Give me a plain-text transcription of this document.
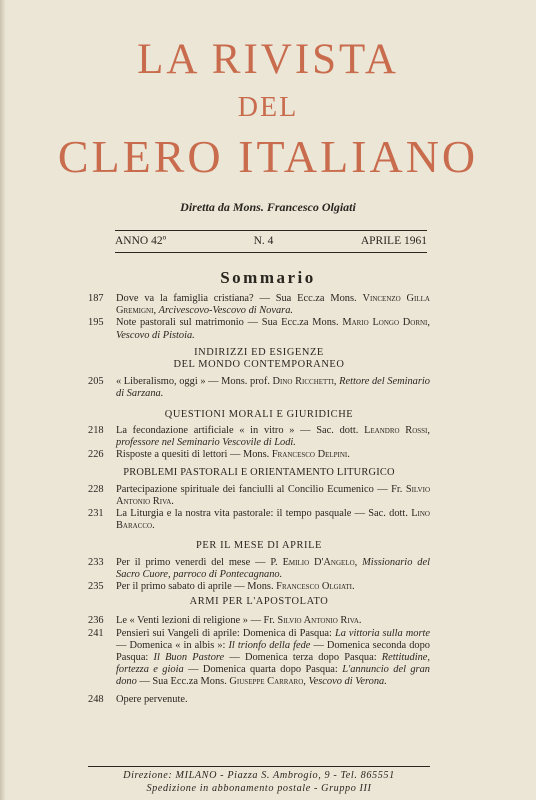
LA RIVISTA
DEL
CLERO ITALIANO
Diretta da Mons. Francesco Olgiati
ANNO 42º	N. 4	APRILE 1961
Sommario
187 Dove va la famiglia cristiana? — Sua Ecc.za Mons. Vincenzo Gilla Gremigni, Arcivescovo-Vescovo di Novara.
195 Note pastorali sul matrimonio — Sua Ecc.za Mons. Mario Longo Dorni, Vescovo di Pistoia.
INDIRIZZI ED ESIGENZE
DEL MONDO CONTEMPORANEO
205 « Liberalismo, oggi » — Mons. prof. Dino Ricchetti, Rettore del Seminario di Sarzana.
QUESTIONI MORALI E GIURIDICHE
218 La fecondazione artificiale « in vitro » — Sac. dott. Leandro Rossi, professore nel Seminario Vescovile di Lodi.
226 Risposte a quesiti di lettori — Mons. Francesco Delpini.
PROBLEMI PASTORALI E ORIENTAMENTO LITURGICO
228 Partecipazione spirituale dei fanciulli al Concilio Ecumenico — Fr. Silvio Antonio Riva.
231 La Liturgia e la nostra vita pastorale: il tempo pasquale — Sac. dott. Lino Baracco.
PER IL MESE DI APRILE
233 Per il primo venerdì del mese — P. Emilio D'Angelo, Missionario del Sacro Cuore, parroco di Pontecagnano.
235 Per il primo sabato di aprile — Mons. Francesco Olgiati.
ARMI PER L'APOSTOLATO
236 Le « Venti lezioni di religione » — Fr. Silvio Antonio Riva.
241 Pensieri sui Vangeli di aprile: Domenica di Pasqua: La vittoria sulla morte — Domenica « in albis »: Il trionfo della fede — Domenica seconda dopo Pasqua: Il Buon Pastore — Domenica terza dopo Pasqua: Rettitudine, fortezza e gioia — Domenica quarta dopo Pasqua: L'annuncio del gran dono — Sua Ecc.za Mons. Giuseppe Carraro, Vescovo di Verona.
248 Opere pervenute.
Direzione: MILANO - Piazza S. Ambrogio, 9 - Tel. 865551
Spedizione in abbonamento postale - Gruppo III
